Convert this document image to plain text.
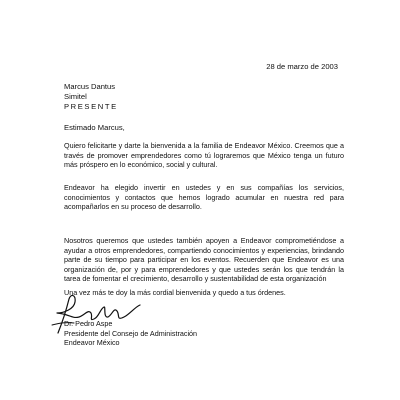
28 de marzo de 2003
Marcus Dantus
Simitel
PRESENTE
Estimado Marcus,
Quiero felicitarte y darte la bienvenida a la familia de Endeavor México. Creemos que a través de promover emprendedores como tú lograremos que México tenga un futuro más próspero en lo económico, social y cultural.
Endeavor ha elegido invertir en ustedes y en sus compañías los servicios, conocimientos y contactos que hemos logrado acumular en nuestra red para acompañarlos en su proceso de desarrollo.
Nosotros queremos que ustedes también apoyen a Endeavor comprometiéndose a ayudar a otros emprendedores, compartiendo conocimientos y experiencias, brindando parte de su tiempo para participar en los eventos. Recuerden que Endeavor es una organización de, por y para emprendedores y que ustedes serán los que tendrán la tarea de fomentar el crecimiento, desarrollo y sustentabilidad de esta organización
Una vez más te doy la más cordial bienvenida y quedo a tus órdenes.
Dr. Pedro Aspe
Presidente del Consejo de Administración
Endeavor México
